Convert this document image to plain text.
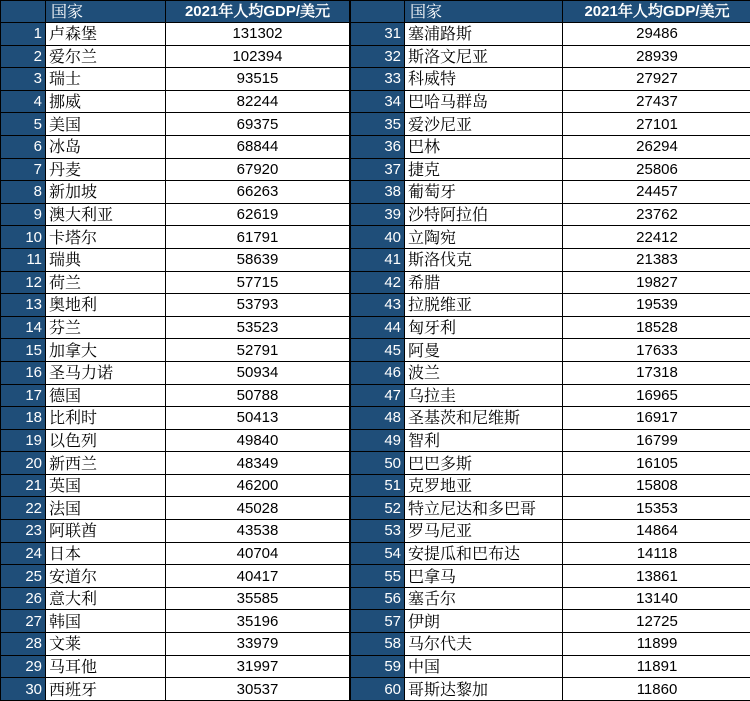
	国家	2021年人均GDP/美元
1	卢森堡	131302
2	爱尔兰	102394
3	瑞士	93515
4	挪威	82244
5	美国	69375
6	冰岛	68844
7	丹麦	67920
8	新加坡	66263
9	澳大利亚	62619
10	卡塔尔	61791
11	瑞典	58639
12	荷兰	57715
13	奥地利	53793
14	芬兰	53523
15	加拿大	52791
16	圣马力诺	50934
17	德国	50788
18	比利时	50413
19	以色列	49840
20	新西兰	48349
21	英国	46200
22	法国	45028
23	阿联酋	43538
24	日本	40704
25	安道尔	40417
26	意大利	35585
27	韩国	35196
28	文莱	33979
29	马耳他	31997
30	西班牙	30537
	国家	2021年人均GDP/美元
31	塞浦路斯	29486
32	斯洛文尼亚	28939
33	科威特	27927
34	巴哈马群岛	27437
35	爱沙尼亚	27101
36	巴林	26294
37	捷克	25806
38	葡萄牙	24457
39	沙特阿拉伯	23762
40	立陶宛	22412
41	斯洛伐克	21383
42	希腊	19827
43	拉脱维亚	19539
44	匈牙利	18528
45	阿曼	17633
46	波兰	17318
47	乌拉圭	16965
48	圣基茨和尼维斯	16917
49	智利	16799
50	巴巴多斯	16105
51	克罗地亚	15808
52	特立尼达和多巴哥	15353
53	罗马尼亚	14864
54	安提瓜和巴布达	14118
55	巴拿马	13861
56	塞舌尔	13140
57	伊朗	12725
58	马尔代夫	11899
59	中国	11891
60	哥斯达黎加	11860
